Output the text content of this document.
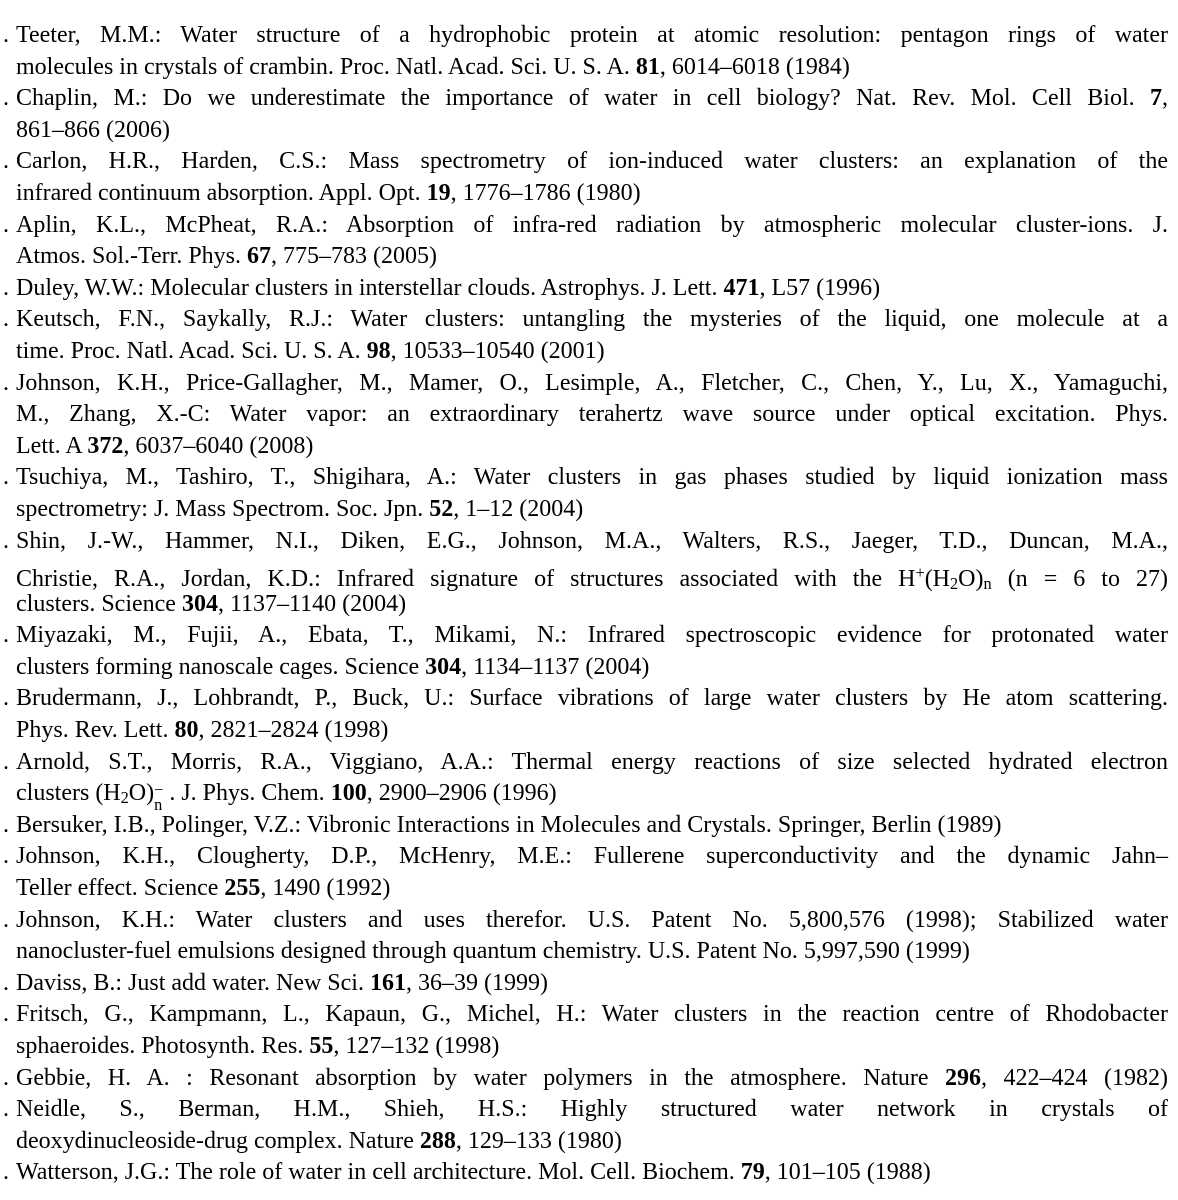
. Teeter, M.M.: Water structure of a hydrophobic protein at atomic resolution: pentagon rings of water
molecules in crystals of crambin. Proc. Natl. Acad. Sci. U. S. A. 81, 6014–6018 (1984)
. Chaplin, M.: Do we underestimate the importance of water in cell biology? Nat. Rev. Mol. Cell Biol. 7,
861–866 (2006)
. Carlon, H.R., Harden, C.S.: Mass spectrometry of ion-induced water clusters: an explanation of the
infrared continuum absorption. Appl. Opt. 19, 1776–1786 (1980)
. Aplin, K.L., McPheat, R.A.: Absorption of infra-red radiation by atmospheric molecular cluster-ions. J.
Atmos. Sol.-Terr. Phys. 67, 775–783 (2005)
. Duley, W.W.: Molecular clusters in interstellar clouds. Astrophys. J. Lett. 471, L57 (1996)
. Keutsch, F.N., Saykally, R.J.: Water clusters: untangling the mysteries of the liquid, one molecule at a
time. Proc. Natl. Acad. Sci. U. S. A. 98, 10533–10540 (2001)
. Johnson, K.H., Price-Gallagher, M., Mamer, O., Lesimple, A., Fletcher, C., Chen, Y., Lu, X., Yamaguchi,
M., Zhang, X.-C: Water vapor: an extraordinary terahertz wave source under optical excitation. Phys.
Lett. A 372, 6037–6040 (2008)
. Tsuchiya, M., Tashiro, T., Shigihara, A.: Water clusters in gas phases studied by liquid ionization mass
spectrometry: J. Mass Spectrom. Soc. Jpn. 52, 1–12 (2004)
. Shin, J.-W., Hammer, N.I., Diken, E.G., Johnson, M.A., Walters, R.S., Jaeger, T.D., Duncan, M.A.,
Christie, R.A., Jordan, K.D.: Infrared signature of structures associated with the H+(H2O)n (n = 6 to 27)
clusters. Science 304, 1137–1140 (2004)
. Miyazaki, M., Fujii, A., Ebata, T., Mikami, N.: Infrared spectroscopic evidence for protonated water
clusters forming nanoscale cages. Science 304, 1134–1137 (2004)
. Brudermann, J., Lohbrandt, P., Buck, U.: Surface vibrations of large water clusters by He atom scattering.
Phys. Rev. Lett. 80, 2821–2824 (1998)
. Arnold, S.T., Morris, R.A., Viggiano, A.A.: Thermal energy reactions of size selected hydrated electron
clusters (H2O) −
n . J. Phys. Chem. 100, 2900–2906 (1996)
. Bersuker, I.B., Polinger, V.Z.: Vibronic Interactions in Molecules and Crystals. Springer, Berlin (1989)
. Johnson, K.H., Clougherty, D.P., McHenry, M.E.: Fullerene superconductivity and the dynamic Jahn–
Teller effect. Science 255, 1490 (1992)
. Johnson, K.H.: Water clusters and uses therefor. U.S. Patent No. 5,800,576 (1998); Stabilized water
nanocluster-fuel emulsions designed through quantum chemistry. U.S. Patent No. 5,997,590 (1999)
. Daviss, B.: Just add water. New Sci. 161, 36–39 (1999)
. Fritsch, G., Kampmann, L., Kapaun, G., Michel, H.: Water clusters in the reaction centre of Rhodobacter
sphaeroides. Photosynth. Res. 55, 127–132 (1998)
. Gebbie, H. A. : Resonant absorption by water polymers in the atmosphere. Nature 296, 422–424 (1982)
. Neidle, S., Berman, H.M., Shieh, H.S.: Highly structured water network in crystals of
deoxydinucleoside-drug complex. Nature 288, 129–133 (1980)
. Watterson, J.G.: The role of water in cell architecture. Mol. Cell. Biochem. 79, 101–105 (1988)
